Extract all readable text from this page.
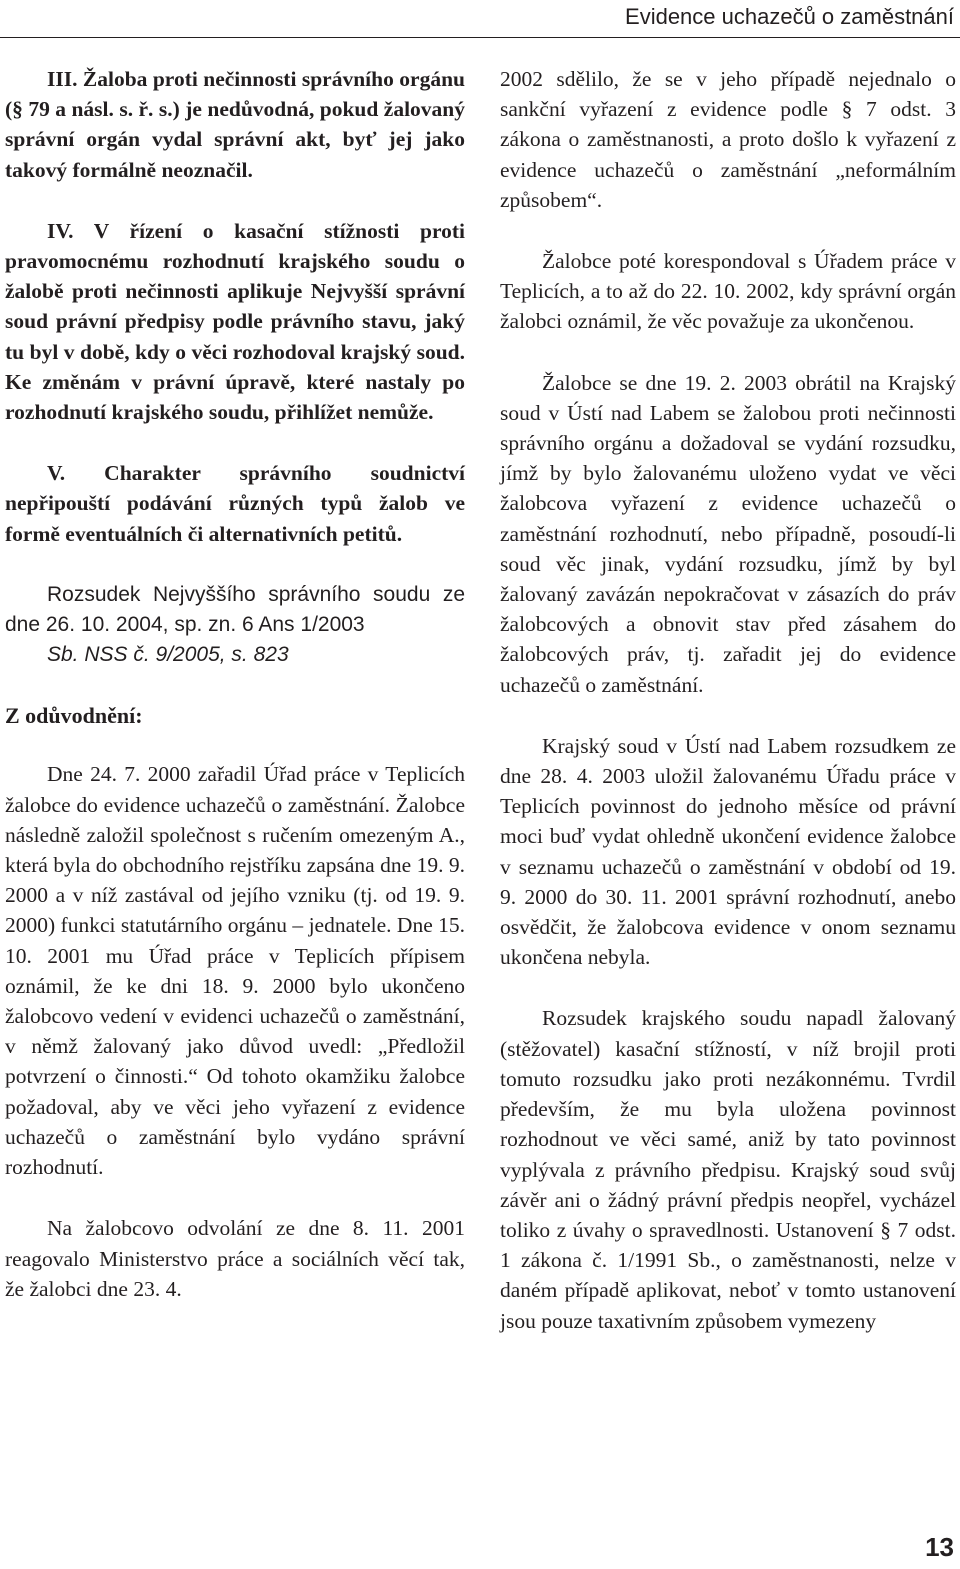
Evidence uchazečů o zaměstnání

III. Žaloba proti nečinnosti správního orgánu (§ 79 a násl. s. ř. s.) je nedůvodná, pokud žalovaný správní orgán vydal správní akt, byť jej jako takový formálně neoznačil.

IV. V řízení o kasační stížnosti proti pravomocnému rozhodnutí krajského soudu o žalobě proti nečinnosti aplikuje Nejvyšší správní soud právní předpisy podle právního stavu, jaký tu byl v době, kdy o věci rozhodoval krajský soud. Ke změnám v právní úpravě, které nastaly po rozhodnutí krajského soudu, přihlížet nemůže.

V. Charakter správního soudnictví nepřipouští podávání různých typů žalob ve formě eventuálních či alternativních petitů.

Rozsudek Nejvyššího správního soudu ze dne 26. 10. 2004, sp. zn. 6 Ans 1/2003

Sb. NSS č. 9/2005, s. 823

Z odůvodnění:

Dne 24. 7. 2000 zařadil Úřad práce v Teplicích žalobce do evidence uchazečů o zaměstnání. Žalobce následně založil společnost s ručením omezeným A., která byla do obchodního rejstříku zapsána dne 19. 9. 2000 a v níž zastával od jejího vzniku (tj. od 19. 9. 2000) funkci statutárního orgánu – jednatele. Dne 15. 10. 2001 mu Úřad práce v Teplicích přípisem oznámil, že ke dni 18. 9. 2000 bylo ukončeno žalobcovo vedení v evidenci uchazečů o zaměstnání, v němž žalovaný jako důvod uvedl: „Předložil potvrzení o činnosti.“ Od tohoto okamžiku žalobce požadoval, aby ve věci jeho vyřazení z evidence uchazečů o zaměstnání bylo vydáno správní rozhodnutí.

Na žalobcovo odvolání ze dne 8. 11. 2001 reagovalo Ministerstvo práce a sociálních věcí tak, že žalobci dne 23. 4.

2002 sdělilo, že se v jeho případě nejednalo o sankční vyřazení z evidence podle § 7 odst. 3 zákona o zaměstnanosti, a proto došlo k vyřazení z evidence uchazečů o zaměstnání „neformálním způsobem“.

Žalobce poté korespondoval s Úřadem práce v Teplicích, a to až do 22. 10. 2002, kdy správní orgán žalobci oznámil, že věc považuje za ukončenou.

Žalobce se dne 19. 2. 2003 obrátil na Krajský soud v Ústí nad Labem se žalobou proti nečinnosti správního orgánu a dožadoval se vydání rozsudku, jímž by bylo žalovanému uloženo vydat ve věci žalobcova vyřazení z evidence uchazečů o zaměstnání rozhodnutí, nebo případně, posoudí-li soud věc jinak, vydání rozsudku, jímž by byl žalovaný zavázán nepokračovat v zásazích do práv žalobcových a obnovit stav před zásahem do žalobcových práv, tj. zařadit jej do evidence uchazečů o zaměstnání.

Krajský soud v Ústí nad Labem rozsudkem ze dne 28. 4. 2003 uložil žalovanému Úřadu práce v Teplicích povinnost do jednoho měsíce od právní moci buď vydat ohledně ukončení evidence žalobce v seznamu uchazečů o zaměstnání v období od 19. 9. 2000 do 30. 11. 2001 správní rozhodnutí, anebo osvědčit, že žalobcova evidence v onom seznamu ukončena nebyla.

Rozsudek krajského soudu napadl žalovaný (stěžovatel) kasační stížností, v níž brojil proti tomuto rozsudku jako proti nezákonnému. Tvrdil především, že mu byla uložena povinnost rozhodnout ve věci samé, aniž by tato povinnost vyplývala z právního předpisu. Krajský soud svůj závěr ani o žádný právní předpis neopřel, vycházel toliko z úvahy o spravedlnosti. Ustanovení § 7 odst. 1 zákona č. 1/1991 Sb., o zaměstnanosti, nelze v daném případě aplikovat, neboť v tomto ustanovení jsou pouze taxativním způsobem vymezeny

13
